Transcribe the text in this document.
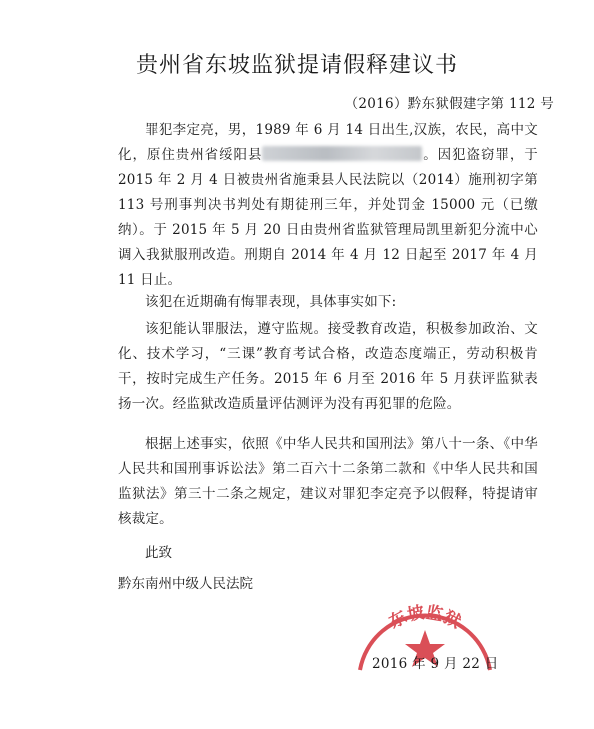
贵州省东坡监狱提请假释建议书
（2016）黔东狱假建字第 112 号

罪犯李定亮，男，1989 年 6 月 14 日出生,汉族，农民，高中文化，原住贵州省绥阳县	。因犯盗窃罪，于 2015 年 2 月 4 日被贵州省施秉县人民法院以（2014）施刑初字第 113 号刑事判决书判处有期徒刑三年，并处罚金 15000 元（已缴纳）。于 2015 年 5 月 20 日由贵州省监狱管理局凯里新犯分流中心调入我狱服刑改造。刑期自 2014 年 4 月 12 日起至 2017 年 4 月 11 日止。

该犯在近期确有悔罪表现，具体事实如下:

该犯能认罪服法，遵守监规。接受教育改造，积极参加政治、文化、技术学习，“三课”教育考试合格，改造态度端正，劳动积极肯干，按时完成生产任务。2015 年 6 月至 2016 年 5 月获评监狱表扬一次。经监狱改造质量评估测评为没有再犯罪的危险。

根据上述事实，依照《中华人民共和国刑法》第八十一条、《中华人民共和国刑事诉讼法》第二百六十二条第二款和《中华人民共和国监狱法》第三十二条之规定，建议对罪犯李定亮予以假释，特提请审核裁定。

此致
黔东南州中级人民法院
东坡监狱
2016 年 9 月 22 日
